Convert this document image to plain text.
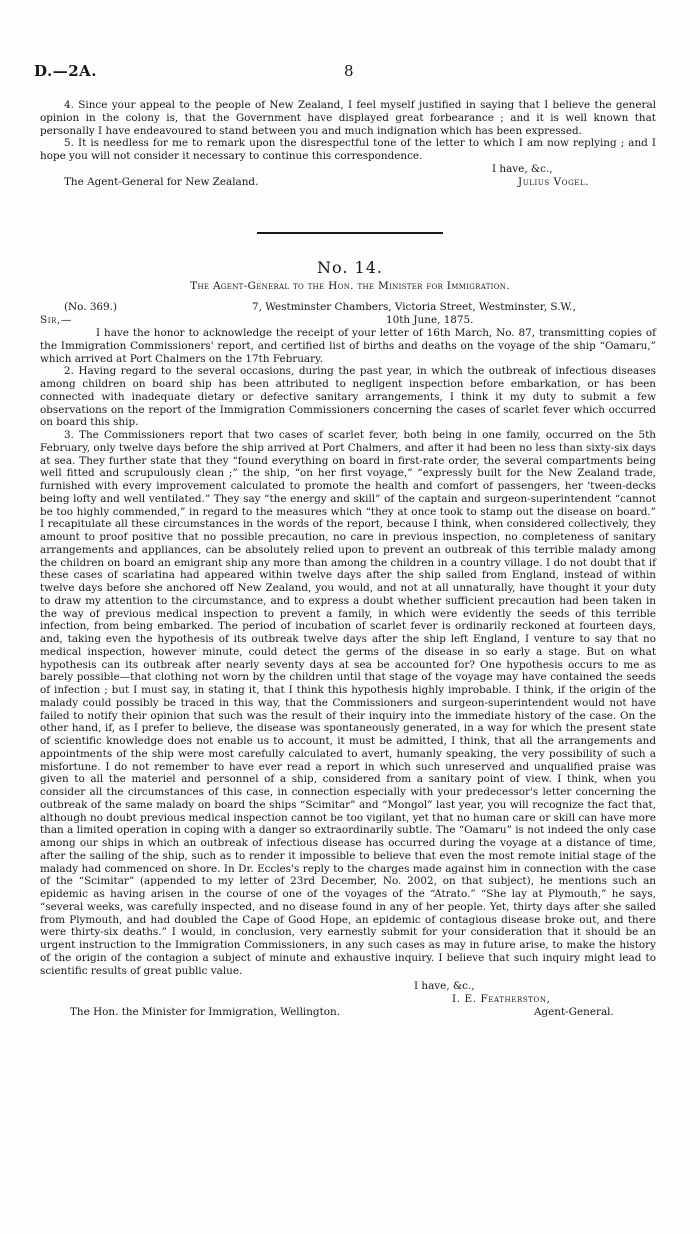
D.—2A.	8

4. Since your appeal to the people of New Zealand, I feel myself justified in saying that I believe the general opinion in the colony is, that the Government have displayed great forbearance ; and it is well known that personally I have endeavoured to stand between you and much indignation which has been expressed.

5. It is needless for me to remark upon the disrespectful tone of the letter to which I am now replying ; and I hope you will not consider it necessary to continue this correspondence.

I have, &c.,
The Agent-General for New Zealand.	Julius Vogel.
No. 14.
The Agent-General to the Hon. the Minister for Immigration.
(No. 369.)	7, Westminster Chambers, Victoria Street, Westminster, S.W.,
Sir,—	10th June, 1875.

I have the honor to acknowledge the receipt of your letter of 16th March, No. 87, transmitting copies of the Immigration Commissioners' report, and certified list of births and deaths on the voyage of the ship “Oamaru,” which arrived at Port Chalmers on the 17th February.

2. Having regard to the several occasions, during the past year, in which the outbreak of infectious diseases among children on board ship has been attributed to negligent inspection before embarkation, or has been connected with inadequate dietary or defective sanitary arrangements, I think it my duty to submit a few observations on the report of the Immigration Commissioners concerning the cases of scarlet fever which occurred on board this ship.

3. The Commissioners report that two cases of scarlet fever, both being in one family, occurred on the 5th February, only twelve days before the ship arrived at Port Chalmers, and after it had been no less than sixty-six days at sea. They further state that they “found everything on board in first-rate order, the several compartments being well fitted and scrupulously clean ;” the ship, “on her first voyage,” “expressly built for the New Zealand trade, furnished with every improvement calculated to promote the health and comfort of passengers, her 'tween-decks being lofty and well ventilated.” They say “the energy and skill” of the captain and surgeon-superintendent “cannot be too highly commended,” in regard to the measures which “they at once took to stamp out the disease on board.” I recapitulate all these circumstances in the words of the report, because I think, when considered collectively, they amount to proof positive that no possible precaution, no care in previous inspection, no completeness of sanitary arrangements and appliances, can be absolutely relied upon to prevent an outbreak of this terrible malady among the children on board an emigrant ship any more than among the children in a country village. I do not doubt that if these cases of scarlatina had appeared within twelve days after the ship sailed from England, instead of within twelve days before she anchored off New Zealand, you would, and not at all unnaturally, have thought it your duty to draw my attention to the circumstance, and to express a doubt whether sufficient precaution had been taken in the way of previous medical inspection to prevent a family, in which were evidently the seeds of this terrible infection, from being embarked. The period of incubation of scarlet fever is ordinarily reckoned at fourteen days, and, taking even the hypothesis of its outbreak twelve days after the ship left England, I venture to say that no medical inspection, however minute, could detect the germs of the disease in so early a stage. But on what hypothesis can its outbreak after nearly seventy days at sea be accounted for? One hypothesis occurs to me as barely possible—that clothing not worn by the children until that stage of the voyage may have contained the seeds of infection ; but I must say, in stating it, that I think this hypothesis highly improbable. I think, if the origin of the malady could possibly be traced in this way, that the Commissioners and surgeon-superintendent would not have failed to notify their opinion that such was the result of their inquiry into the immediate history of the case. On the other hand, if, as I prefer to believe, the disease was spontaneously generated, in a way for which the present state of scientific knowledge does not enable us to account, it must be admitted, I think, that all the arrangements and appointments of the ship were most carefully calculated to avert, humanly speaking, the very possibility of such a misfortune. I do not remember to have ever read a report in which such unreserved and unqualified praise was given to all the materiel and personnel of a ship, considered from a sanitary point of view. I think, when you consider all the circumstances of this case, in connection especially with your predecessor's letter concerning the outbreak of the same malady on board the ships “Scimitar” and “Mongol” last year, you will recognize the fact that, although no doubt previous medical inspection cannot be too vigilant, yet that no human care or skill can have more than a limited operation in coping with a danger so extraordinarily subtle. The “Oamaru” is not indeed the only case among our ships in which an outbreak of infectious disease has occurred during the voyage at a distance of time, after the sailing of the ship, such as to render it impossible to believe that even the most remote initial stage of the malady had commenced on shore. In Dr. Eccles's reply to the charges made against him in connection with the case of the “Scimitar” (appended to my letter of 23rd December, No. 2002, on that subject), he mentions such an epidemic as having arisen in the course of one of the voyages of the “Atrato.” “She lay at Plymouth,” he says, “several weeks, was carefully inspected, and no disease found in any of her people. Yet, thirty days after she sailed from Plymouth, and had doubled the Cape of Good Hope, an epidemic of contagious disease broke out, and there were thirty-six deaths.” I would, in conclusion, very earnestly submit for your consideration that it should be an urgent instruction to the Immigration Commissioners, in any such cases as may in future arise, to make the history of the origin of the contagion a subject of minute and exhaustive inquiry. I believe that such inquiry might lead to scientific results of great public value.

I have, &c.,
I. E. Featherston,
The Hon. the Minister for Immigration, Wellington.	Agent-General.
